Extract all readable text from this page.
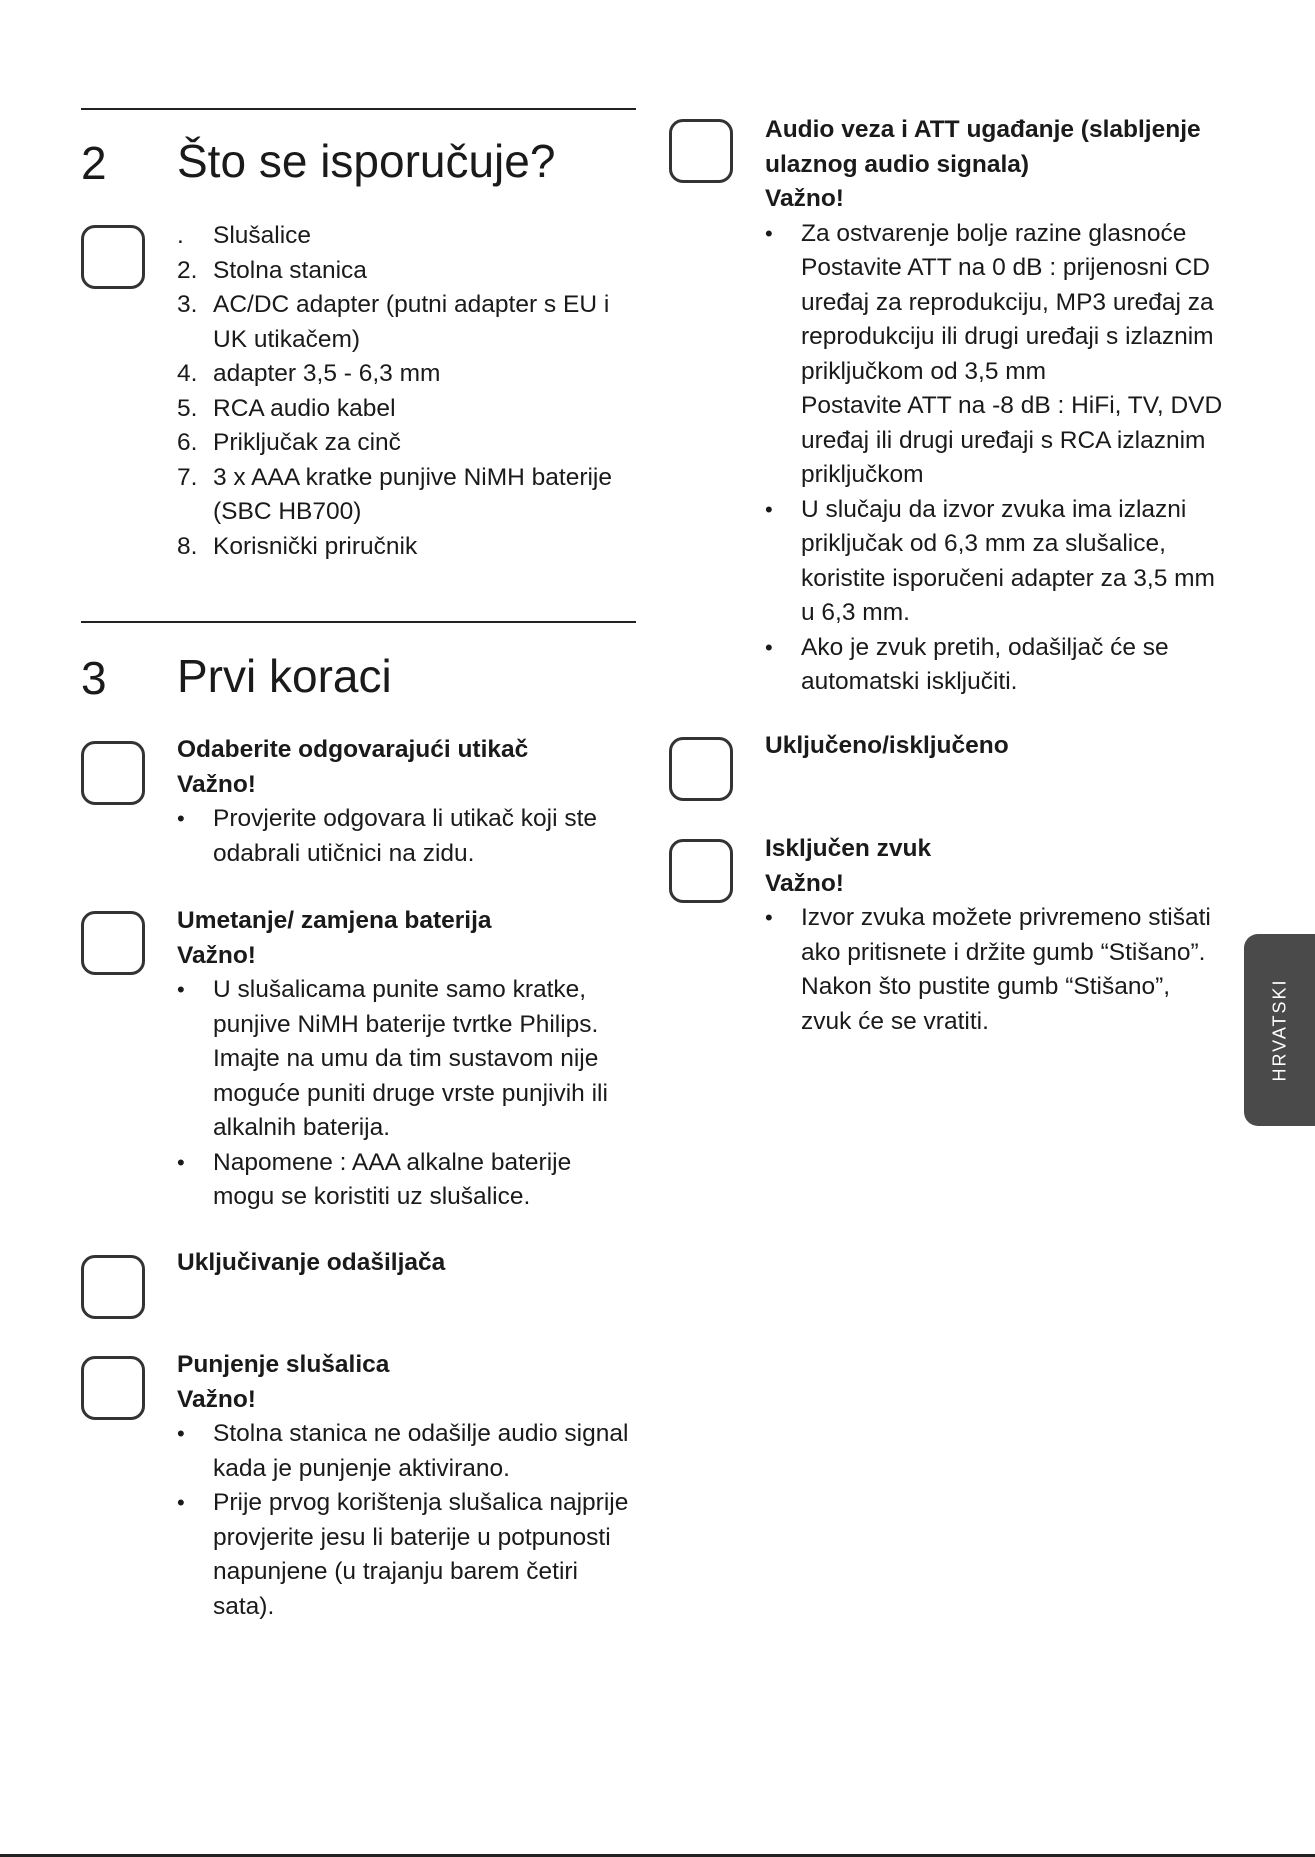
2 Što se isporučuje?
. Slušalice
2. Stolna stanica
3. AC/DC adapter (putni adapter s EU i UK utikačem)
4. adapter 3,5 - 6,3 mm
5. RCA audio kabel
6. Priključak za cinč
7. 3 x AAA kratke punjive NiMH baterije (SBC HB700)
8. Korisnički priručnik
3 Prvi koraci
Odaberite odgovarajući utikač
Važno!
• Provjerite odgovara li utikač koji ste odabrali utičnici na zidu.
Umetanje/ zamjena baterija
Važno!
• U slušalicama punite samo kratke, punjive NiMH baterije tvrtke Philips. Imajte na umu da tim sustavom nije moguće puniti druge vrste punjivih ili alkalnih baterija.
• Napomene : AAA alkalne baterije mogu se koristiti uz slušalice.
Uključivanje odašiljača
Punjenje slušalica
Važno!
• Stolna stanica ne odašilje audio signal kada je punjenje aktivirano.
• Prije prvog korištenja slušalica najprije provjerite jesu li baterije u potpunosti napunjene (u trajanju barem četiri sata).
Audio veza i ATT ugađanje (slabljenje ulaznog audio signala)
Važno!
• Za ostvarenje bolje razine glasnoće
Postavite ATT na 0 dB : prijenosni CD uređaj za reprodukciju, MP3 uređaj za reprodukciju ili drugi uređaji s izlaznim priključkom od 3,5 mm
Postavite ATT na -8 dB : HiFi, TV, DVD uređaj ili drugi uređaji s RCA izlaznim priključkom
• U slučaju da izvor zvuka ima izlazni priključak od 6,3 mm za slušalice, koristite isporučeni adapter za 3,5 mm u 6,3 mm.
• Ako je zvuk pretih, odašiljač će se automatski isključiti.
Uključeno/isključeno
Isključen zvuk
Važno!
• Izvor zvuka možete privremeno stišati ako pritisnete i držite gumb “Stišano”. Nakon što pustite gumb “Stišano”, zvuk će se vratiti.	HRVATSKI
